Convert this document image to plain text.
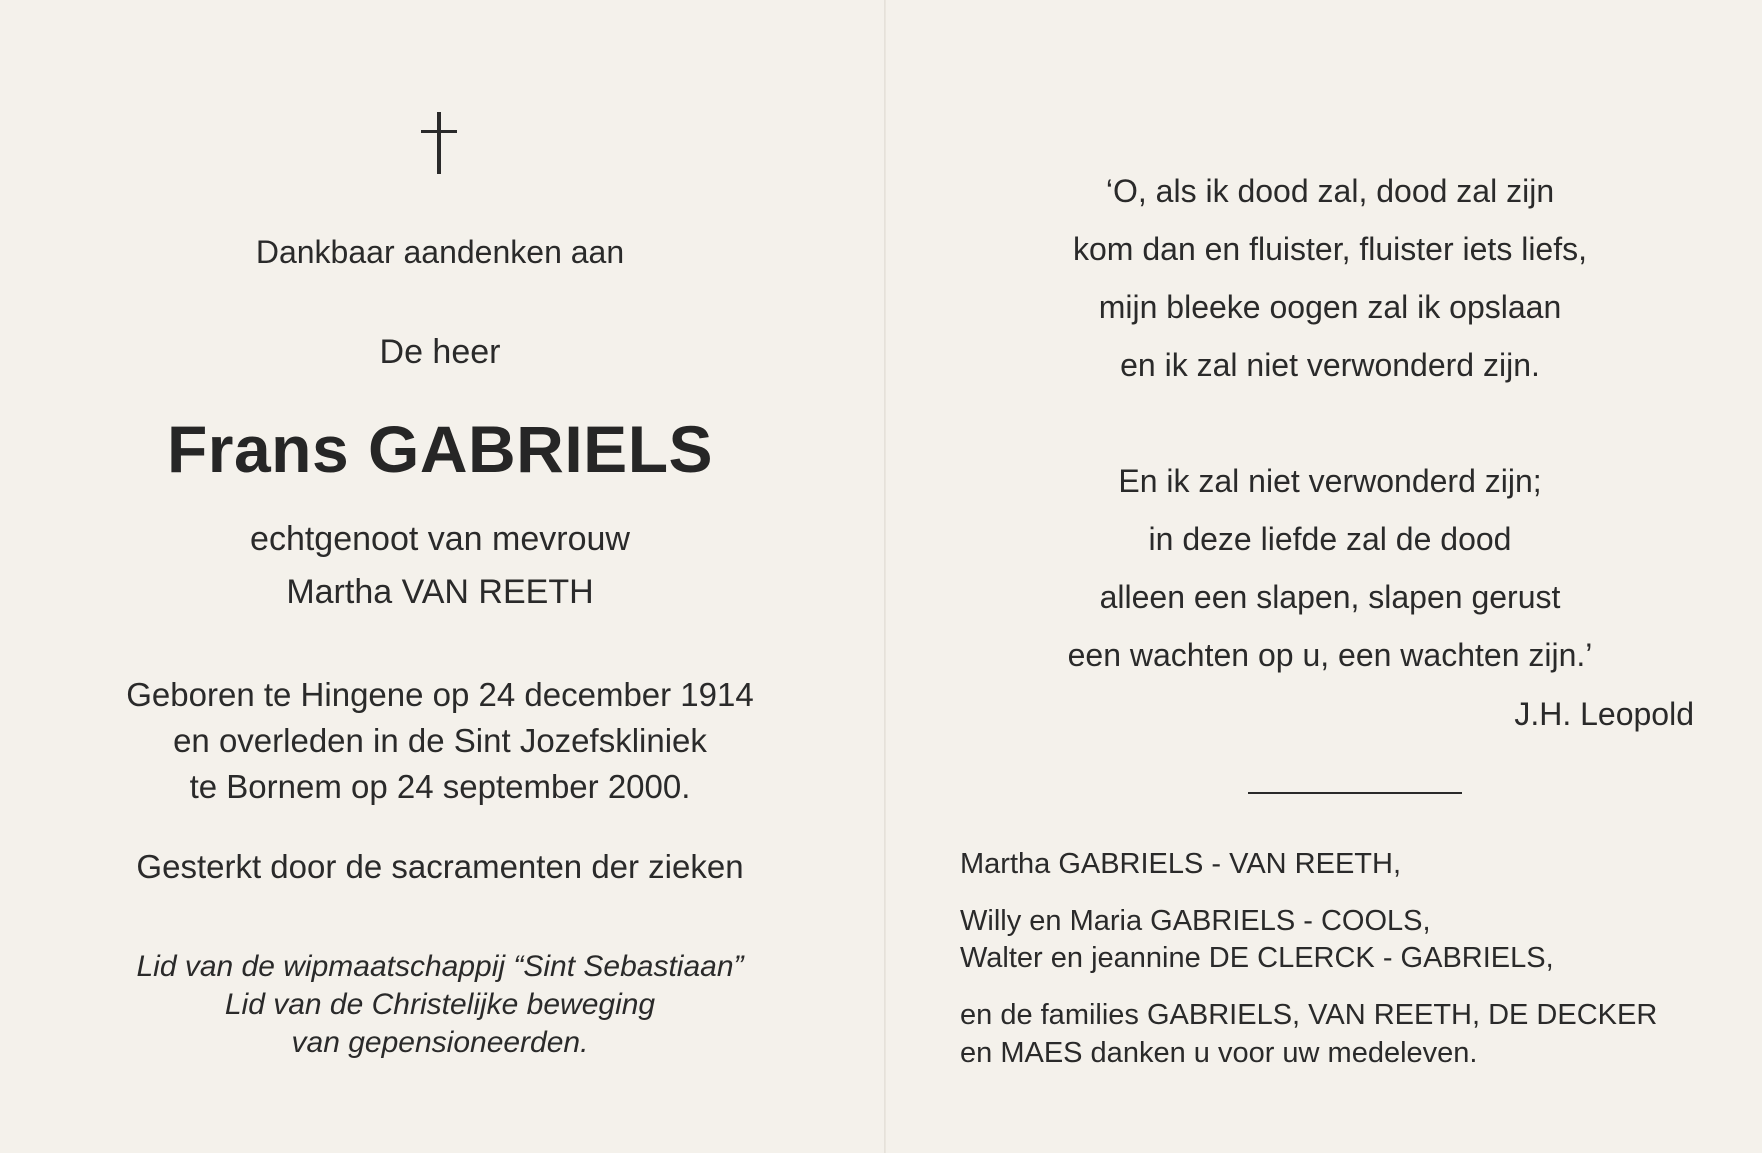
Dankbaar aandenken aan
De heer
Frans GABRIELS
echtgenoot van mevrouw
Martha VAN REETH
Geboren te Hingene op 24 december 1914
en overleden in de Sint Jozefskliniek
te Bornem op 24 september 2000.
Gesterkt door de sacramenten der zieken
Lid van de wipmaatschappij “Sint Sebastiaan”
Lid van de Christelijke beweging
van gepensioneerden.
‘O, als ik dood zal, dood zal zijn
kom dan en fluister, fluister iets liefs,
mijn bleeke oogen zal ik opslaan
en ik zal niet verwonderd zijn.
En ik zal niet verwonderd zijn;
in deze liefde zal de dood
alleen een slapen, slapen gerust
een wachten op u, een wachten zijn.’
J.H. Leopold
Martha GABRIELS - VAN REETH,
Willy en Maria GABRIELS - COOLS,
Walter en jeannine DE CLERCK - GABRIELS,
en de families GABRIELS, VAN REETH, DE DECKER
en MAES danken u voor uw medeleven.
